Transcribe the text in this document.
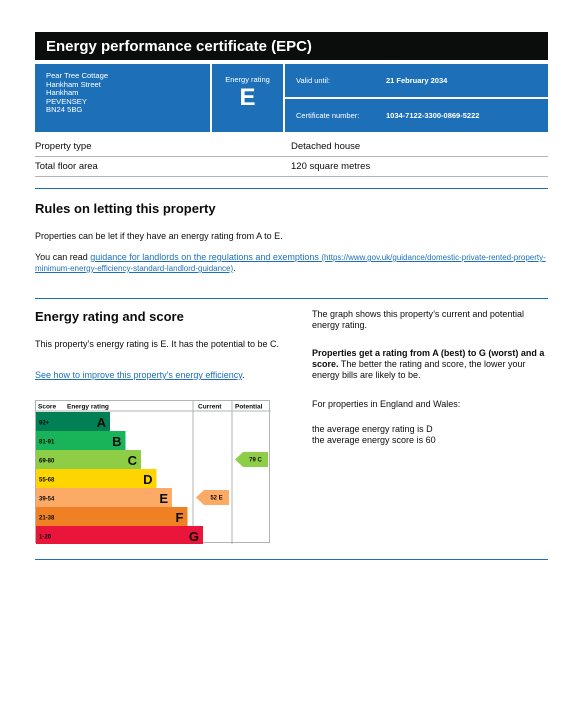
Energy performance certificate (EPC)
Pear Tree Cottage
Hankham Street
Hankham
PEVENSEY
BN24 5BG
Energy rating
E
Valid until:	21 February 2034
Certificate number:	1034-7122-3300-0869-5222
Property type	Detached house
Total floor area	120 square metres
Rules on letting this property

Properties can be let if they have an energy rating from A to E.

You can read guidance for landlords on the regulations and exemptions (https://www.gov.uk/guidance/domestic-private-rented-property-minimum-energy-efficiency-standard-landlord-guidance).

Energy rating and score

This property’s energy rating is E. It has the potential to be C.

See how to improve this property’s energy efficiency.

Score Energy rating	Current Potential
92+	A
81-91	B
69-80	C
55-68	D
39-54	E
21-38	F
1-20	G
52 E
79 C

The graph shows this property’s current and potential energy rating.

Properties get a rating from A (best) to G (worst) and a score. The better the rating and score, the lower your energy bills are likely to be.

For properties in England and Wales:

the average energy rating is D

the average energy score is 60
